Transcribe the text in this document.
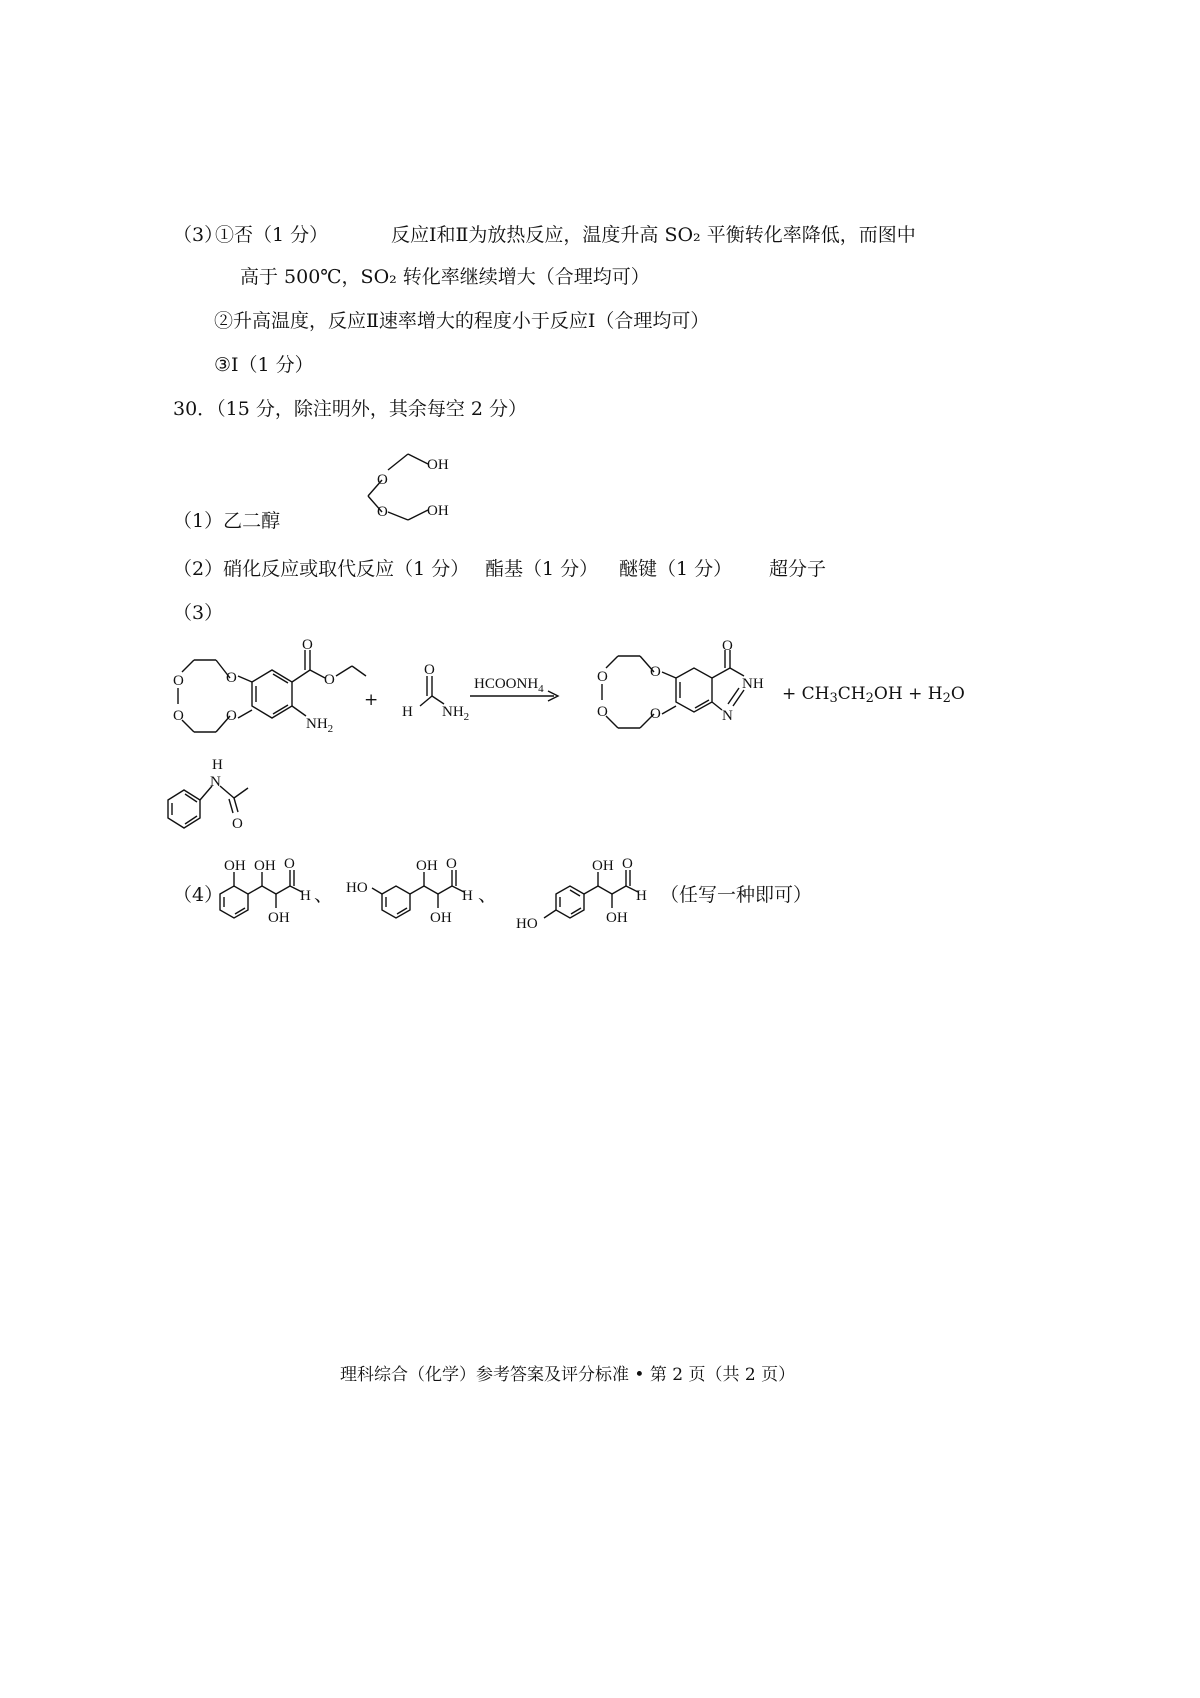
（3）
①否（1 分）	反应Ⅰ和Ⅱ为放热反应，温度升高 SO₂ 平衡转化率降低，而图中
高于 500℃，SO₂ 转化率继续增大（合理均可）
②升高温度，反应Ⅱ速率增大的程度小于反应Ⅰ（合理均可）
③Ⅰ（1 分）
30．（15 分，除注明外，其余每空 2 分）
（1）乙二醇
O
O
OH
OH
（2）硝化反应或取代反应（1 分） 酯基（1 分） 醚键（1 分） 超分子
（3）
O
O
O
O
O
O
$NH_2$
+
O
H $NH_2$
$HCOONH_4$
O
O
O
O
O
NH
N
+ $CH_3CH_2OH + H_2O$
H
N
O
（4）
OH OH O
H
OH
、 HO
OH O
H
OH
、
HO
OH O
H
OH
（任写一种即可）
理科综合（化学）参考答案及评分标准 • 第 2 页（共 2 页）
